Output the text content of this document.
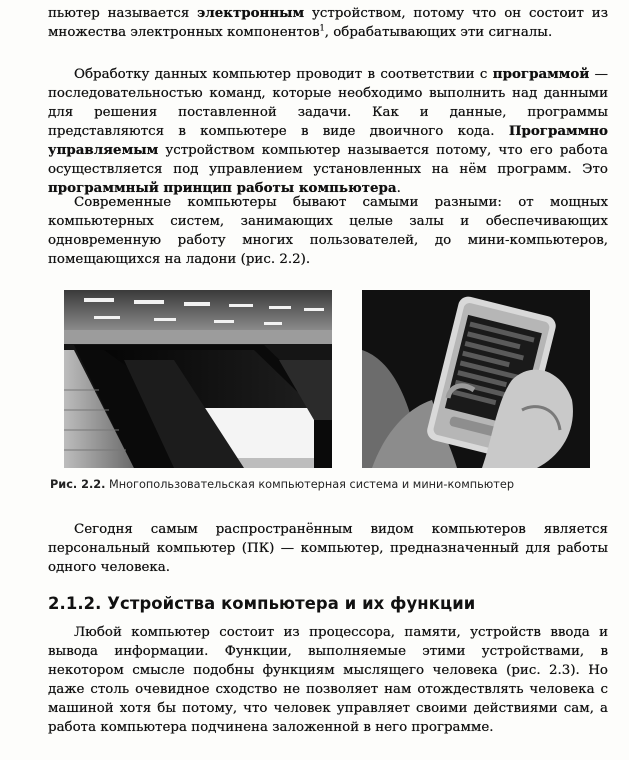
пьютер называется электронным устройством, потому что он состоит из множества электронных компонентов$^1$, обрабатывающих эти сигналы.

Обработку данных компьютер проводит в соответствии с программой — последовательностью команд, которые необходимо выполнить над данными для решения поставленной задачи. Как и данные, программы представляются в компьютере в виде двоичного кода. Программно управляемым устройством компьютер называется потому, что его работа осуществляется под управлением установленных на нём программ. Это программный принцип работы компьютера.

Современные компьютеры бывают самыми разными: от мощных компьютерных систем, занимающих целые залы и обеспечивающих одновременную работу многих пользователей, до мини-компьютеров, помещающихся на ладони (рис. 2.2).

Рис. 2.2. Многопользовательская компьютерная система и мини-компьютер

Сегодня самым распространённым видом компьютеров является персональный компьютер (ПК) — компьютер, предназначенный для работы одного человека.

2.1.2. Устройства компьютера и их функции

Любой компьютер состоит из процессора, памяти, устройств ввода и вывода информации. Функции, выполняемые этими устройствами, в некотором смысле подобны функциям мыслящего человека (рис. 2.3). Но даже столь очевидное сходство не позволяет нам отождествлять человека с машиной хотя бы потому, что человек управляет своими действиями сам, а работа компьютера подчинена заложенной в него программе.
